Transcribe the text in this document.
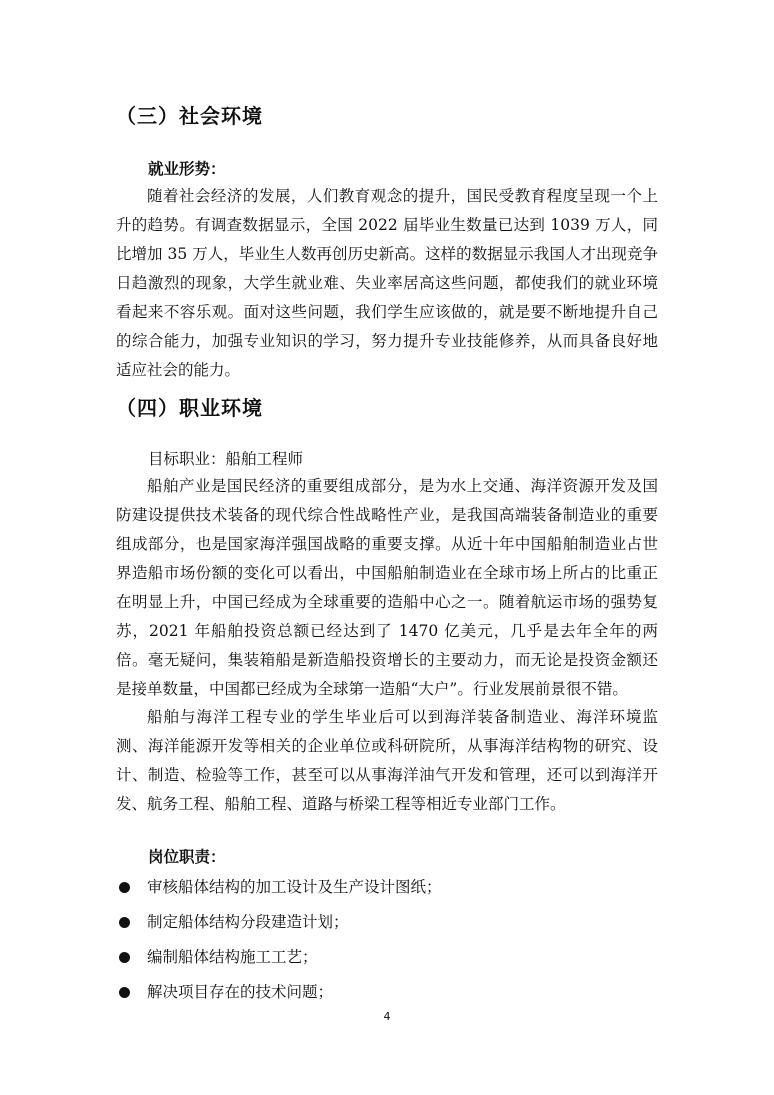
（三）社会环境
就业形势：

随着社会经济的发展，人们教育观念的提升，国民受教育程度呈现一个上升的趋势。有调查数据显示，全国 2022 届毕业生数量已达到 1039 万人，同比增加 35 万人，毕业生人数再创历史新高。这样的数据显示我国人才出现竞争日趋激烈的现象，大学生就业难、失业率居高这些问题，都使我们的就业环境看起来不容乐观。面对这些问题，我们学生应该做的，就是要不断地提升自己的综合能力，加强专业知识的学习，努力提升专业技能修养，从而具备良好地适应社会的能力。

（四）职业环境
目标职业：船舶工程师

船舶产业是国民经济的重要组成部分，是为水上交通、海洋资源开发及国防建设提供技术装备的现代综合性战略性产业，是我国高端装备制造业的重要组成部分，也是国家海洋强国战略的重要支撑。从近十年中国船舶制造业占世界造船市场份额的变化可以看出，中国船舶制造业在全球市场上所占的比重正在明显上升，中国已经成为全球重要的造船中心之一。随着航运市场的强势复苏，2021 年船舶投资总额已经达到了 1470 亿美元，几乎是去年全年的两倍。毫无疑问，集装箱船是新造船投资增长的主要动力，而无论是投资金额还是接单数量，中国都已经成为全球第一造船“大户”。行业发展前景很不错。

船舶与海洋工程专业的学生毕业后可以到海洋装备制造业、海洋环境监测、海洋能源开发等相关的企业单位或科研院所，从事海洋结构物的研究、设计、制造、检验等工作，甚至可以从事海洋油气开发和管理，还可以到海洋开发、航务工程、船舶工程、道路与桥梁工程等相近专业部门工作。

岗位职责：
审核船体结构的加工设计及生产设计图纸；
制定船体结构分段建造计划；
编制船体结构施工工艺；
解决项目存在的技术问题；
4
